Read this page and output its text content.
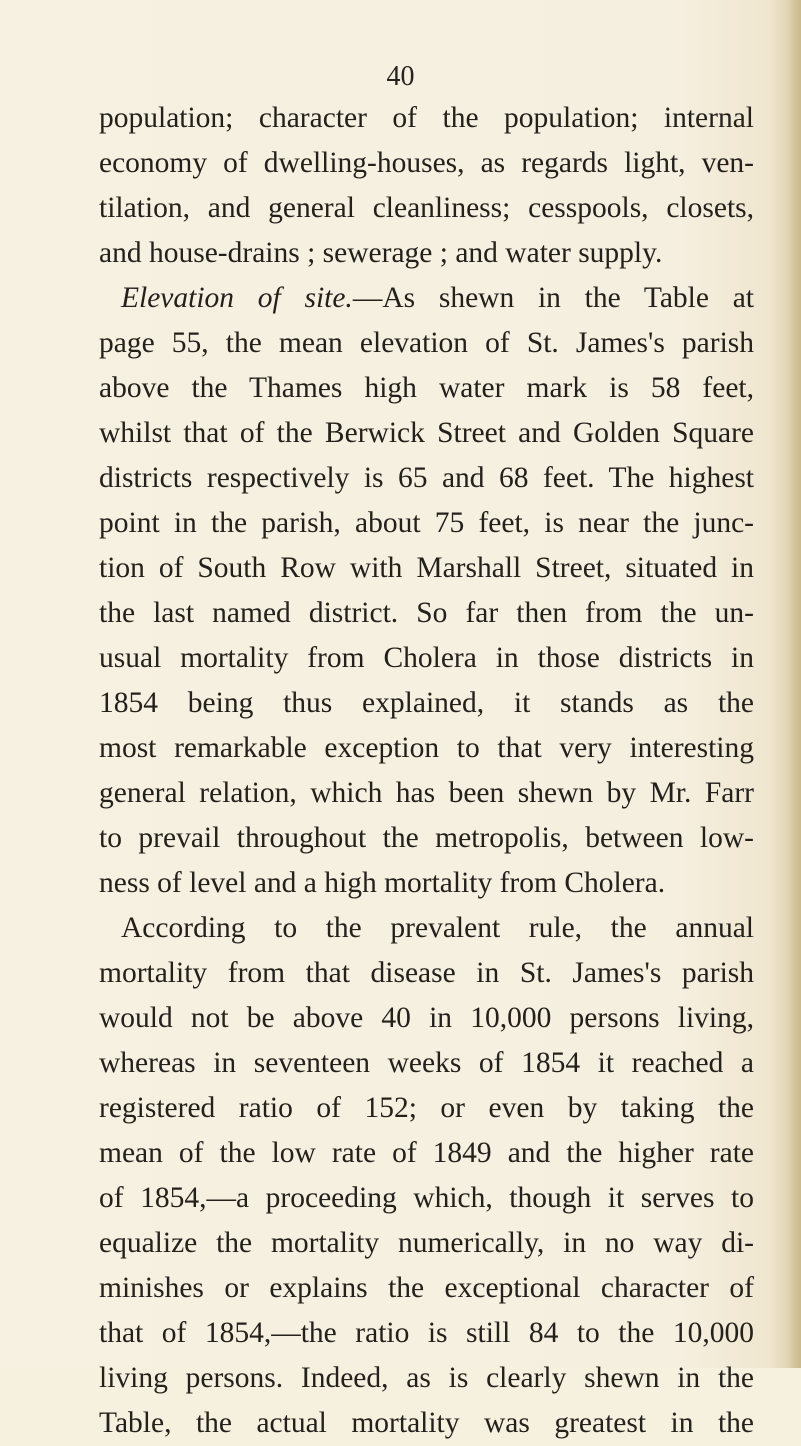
40
population; character of the population; internal
economy of dwelling-houses, as regards light, ven-
tilation, and general cleanliness; cesspools, closets,
and house-drains ; sewerage ; and water supply.
Elevation of site.—As shewn in the Table at
page 55, the mean elevation of St. James's parish
above the Thames high water mark is 58 feet,
whilst that of the Berwick Street and Golden Square
districts respectively is 65 and 68 feet. The highest
point in the parish, about 75 feet, is near the junc-
tion of South Row with Marshall Street, situated in
the last named district. So far then from the un-
usual mortality from Cholera in those districts in
1854 being thus explained, it stands as the
most remarkable exception to that very interesting
general relation, which has been shewn by Mr. Farr
to prevail throughout the metropolis, between low-
ness of level and a high mortality from Cholera.
According to the prevalent rule, the annual
mortality from that disease in St. James's parish
would not be above 40 in 10,000 persons living,
whereas in seventeen weeks of 1854 it reached a
registered ratio of 152; or even by taking the
mean of the low rate of 1849 and the higher rate
of 1854,—a proceeding which, though it serves to
equalize the mortality numerically, in no way di-
minishes or explains the exceptional character of
that of 1854,—the ratio is still 84 to the 10,000
living persons. Indeed, as is clearly shewn in the
Table, the actual mortality was greatest in the
